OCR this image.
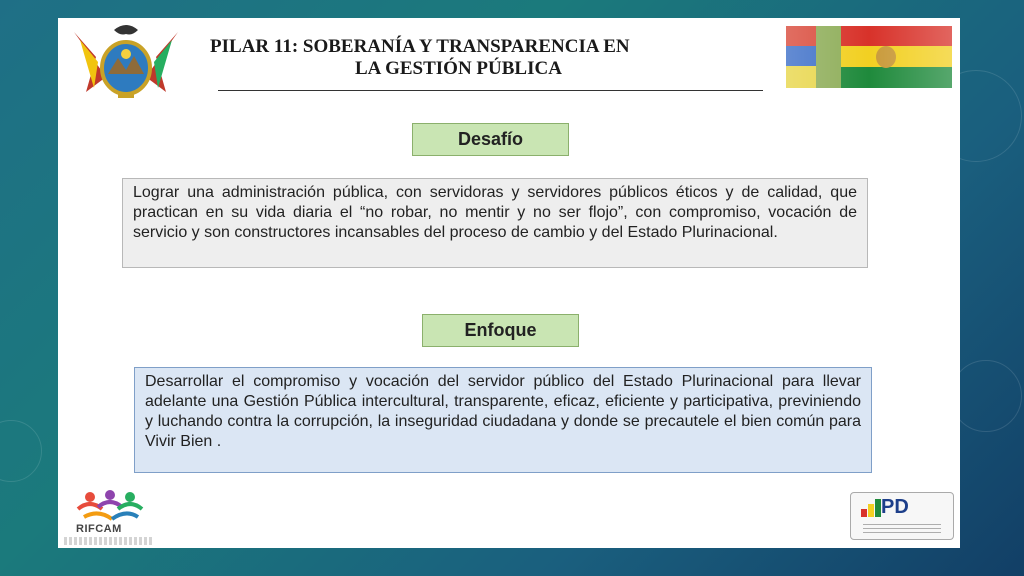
PILAR 11: SOBERANÍA Y TRANSPARENCIA EN
LA GESTIÓN PÚBLICA
Desafío
Lograr una administración pública, con servidoras y servidores públicos éticos y de calidad, que practican en su vida diaria el “no robar, no mentir y no ser flojo”, con compromiso, vocación de servicio y son constructores incansables del proceso de cambio y del Estado Plurinacional.
Enfoque
Desarrollar el compromiso y vocación del servidor público del Estado Plurinacional para llevar adelante una Gestión Pública intercultural, transparente, eficaz, eficiente y participativa, previniendo y luchando contra la corrupción, la inseguridad ciudadana y donde se precautele el bien común para Vivir Bien .
RIFCAM
PD
